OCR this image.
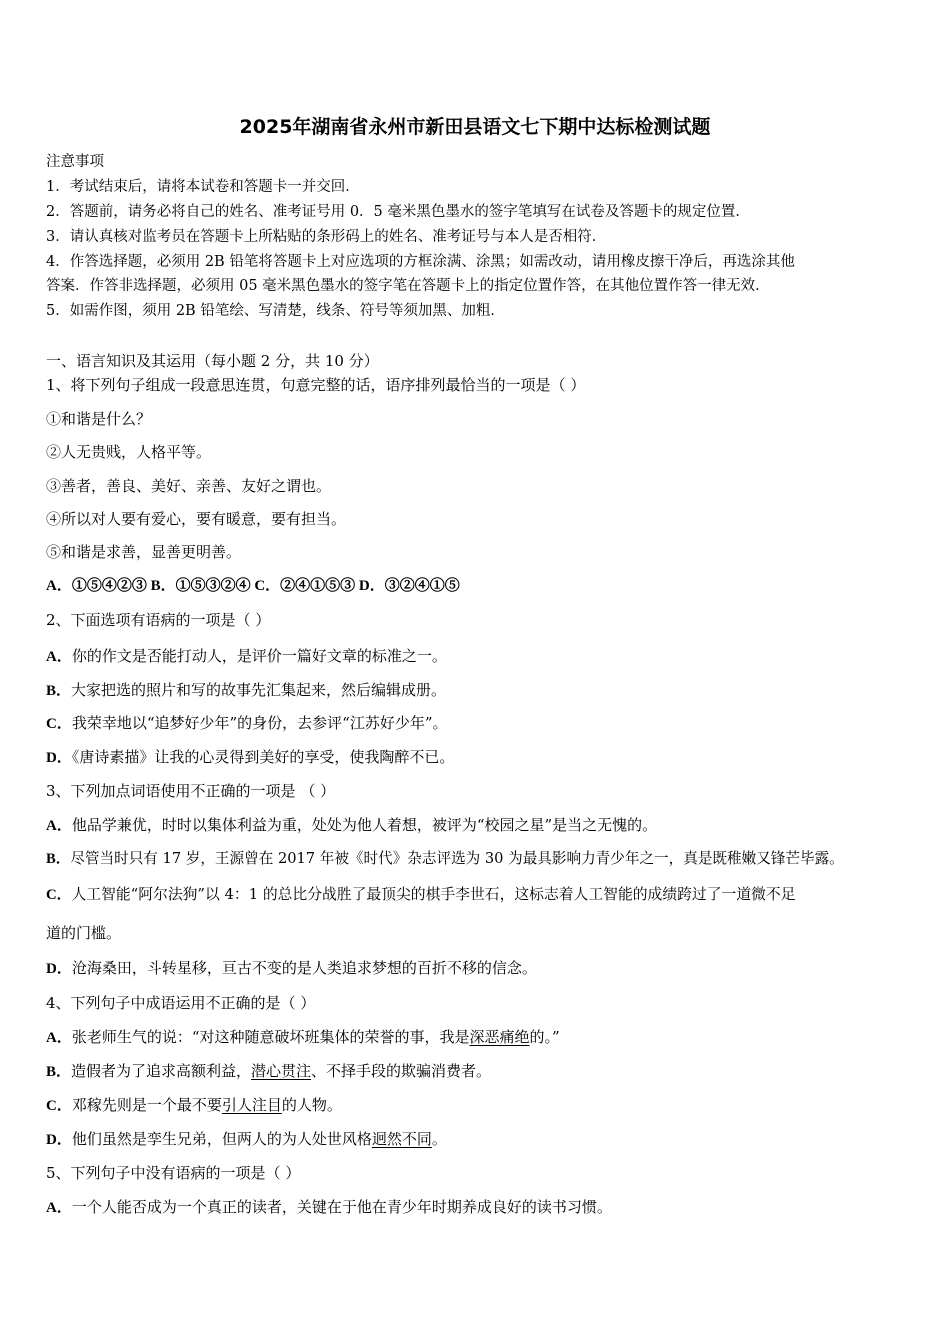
2025年湖南省永州市新田县语文七下期中达标检测试题
注意事项
1．考试结束后，请将本试卷和答题卡一并交回．
2．答题前，请务必将自己的姓名、准考证号用 0．5 毫米黑色墨水的签字笔填写在试卷及答题卡的规定位置．
3．请认真核对监考员在答题卡上所粘贴的条形码上的姓名、准考证号与本人是否相符．
4．作答选择题，必须用 2B 铅笔将答题卡上对应选项的方框涂满、涂黑；如需改动，请用橡皮擦干净后，再选涂其他
答案．作答非选择题，必须用 05 毫米黑色墨水的签字笔在答题卡上的指定位置作答，在其他位置作答一律无效．
5．如需作图，须用 2B 铅笔绘、写清楚，线条、符号等须加黑、加粗．
一、语言知识及其运用（每小题 2 分，共 10 分）
1、将下列句子组成一段意思连贯，句意完整的话，语序排列最恰当的一项是（ ）
①和谐是什么？
②人无贵贱，人格平等。
③善者，善良、美好、亲善、友好之谓也。
④所以对人要有爱心，要有暖意，要有担当。
⑤和谐是求善，显善更明善。
A．①⑤④②③ B．①⑤③②④ C．②④①⑤③ D．③②④①⑤
2、下面选项有语病的一项是（ ）
A．你的作文是否能打动人，是评价一篇好文章的标准之一。
B．大家把选的照片和写的故事先汇集起来，然后编辑成册。
C．我荣幸地以“追梦好少年”的身份，去参评“江苏好少年”。
D．《唐诗素描》让我的心灵得到美好的享受，使我陶醉不已。
3、下列加点词语使用不正确的一项是 （ ）
A．他品学兼优，时时以集体利益为重，处处为他人着想，被评为“校园之星”是当之无愧的。
B．尽管当时只有 17 岁，王源曾在 2017 年被《时代》杂志评选为 30 为最具影响力青少年之一，真是既稚嫩又锋芒毕露。
C．人工智能“阿尔法狗”以 4：1 的总比分战胜了最顶尖的棋手李世石，这标志着人工智能的成绩跨过了一道微不足
道的门槛。
D．沧海桑田，斗转星移，亘古不变的是人类追求梦想的百折不移的信念。
4、下列句子中成语运用不正确的是（ ）
A．张老师生气的说：“对这种随意破坏班集体的荣誉的事，我是深恶痛绝的。”
B．造假者为了追求高额利益，潜心贯注、不择手段的欺骗消费者。
C．邓稼先则是一个最不要引人注目的人物。
D．他们虽然是孪生兄弟，但两人的为人处世风格迥然不同。
5、下列句子中没有语病的一项是（ ）
A．一个人能否成为一个真正的读者，关键在于他在青少年时期养成良好的读书习惯。
